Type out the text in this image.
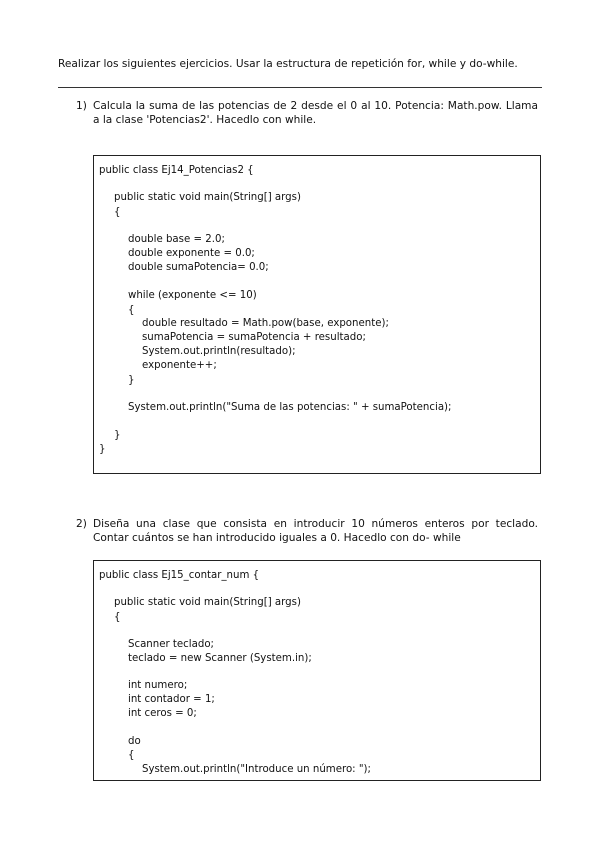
Realizar los siguientes ejercicios. Usar la estructura de repetición for, while y do-while.
1) Calcula la suma de las potencias de 2 desde el 0 al 10. Potencia: Math.pow. Llama a la clase 'Potencias2'. Hacedlo con while.
public class Ej14_Potencias2 {
public static void main(String[] args)
{
double base = 2.0;
double exponente = 0.0;
double sumaPotencia= 0.0;
while (exponente <= 10)
{
double resultado = Math.pow(base, exponente);
sumaPotencia = sumaPotencia + resultado;
System.out.println(resultado);
exponente++;
}
System.out.println("Suma de las potencias: " + sumaPotencia);
}
}
2) Diseña una clase que consista en introducir 10 números enteros por teclado. Contar cuántos se han introducido iguales a 0. Hacedlo con do- while
public class Ej15_contar_num {
public static void main(String[] args)
{
Scanner teclado;
teclado = new Scanner (System.in);
int numero;
int contador = 1;
int ceros = 0;
do
{
System.out.println("Introduce un número: ");
